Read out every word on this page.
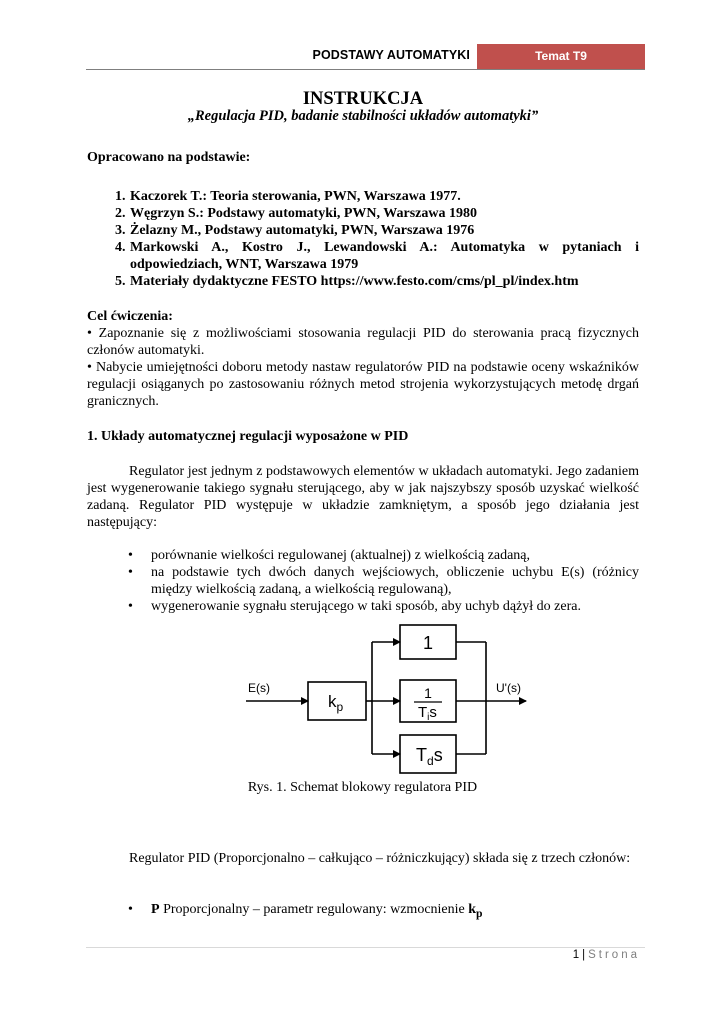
PODSTAWY AUTOMATYKI	Temat T9
INSTRUKCJA
„Regulacja PID, badanie stabilności układów automatyki”
Opracowano na podstawie:
1. Kaczorek T.: Teoria sterowania, PWN, Warszawa 1977.
2. Węgrzyn S.: Podstawy automatyki, PWN, Warszawa 1980
3. Żelazny M., Podstawy automatyki, PWN, Warszawa 1976
4. Markowski A., Kostro J., Lewandowski A.: Automatyka w pytaniach i odpowiedziach, WNT, Warszawa 1979
5. Materiały dydaktyczne FESTO https://www.festo.com/cms/pl_pl/index.htm
Cel ćwiczenia:
• Zapoznanie się z możliwościami stosowania regulacji PID do sterowania pracą fizycznych członów automatyki.
• Nabycie umiejętności doboru metody nastaw regulatorów PID na podstawie oceny wskaźników regulacji osiąganych po zastosowaniu różnych metod strojenia wykorzystujących metodę drgań granicznych.
1. Układy automatycznej regulacji wyposażone w PID
Regulator jest jednym z podstawowych elementów w układach automatyki. Jego zadaniem jest wygenerowanie takiego sygnału sterującego, aby w jak najszybszy sposób uzyskać wielkość zadaną. Regulator PID występuje w układzie zamkniętym, a sposób jego działania jest następujący:
• porównanie wielkości regulowanej (aktualnej) z wielkością zadaną,
• na podstawie tych dwóch danych wejściowych, obliczenie uchybu E(s) (różnicy między wielkością zadaną, a wielkością regulowaną),
• wygenerowanie sygnału sterującego w taki sposób, aby uchyb dążył do zera.
E(s)
$k_p$
1
1
$T_is$
$T_ds$
U'(s)
Rys. 1. Schemat blokowy regulatora PID
Regulator PID (Proporcjonalno – całkująco – różniczkujący) składa się z trzech członów:
• P Proporcjonalny – parametr regulowany: wzmocnienie $k_p$
1 | Strona
